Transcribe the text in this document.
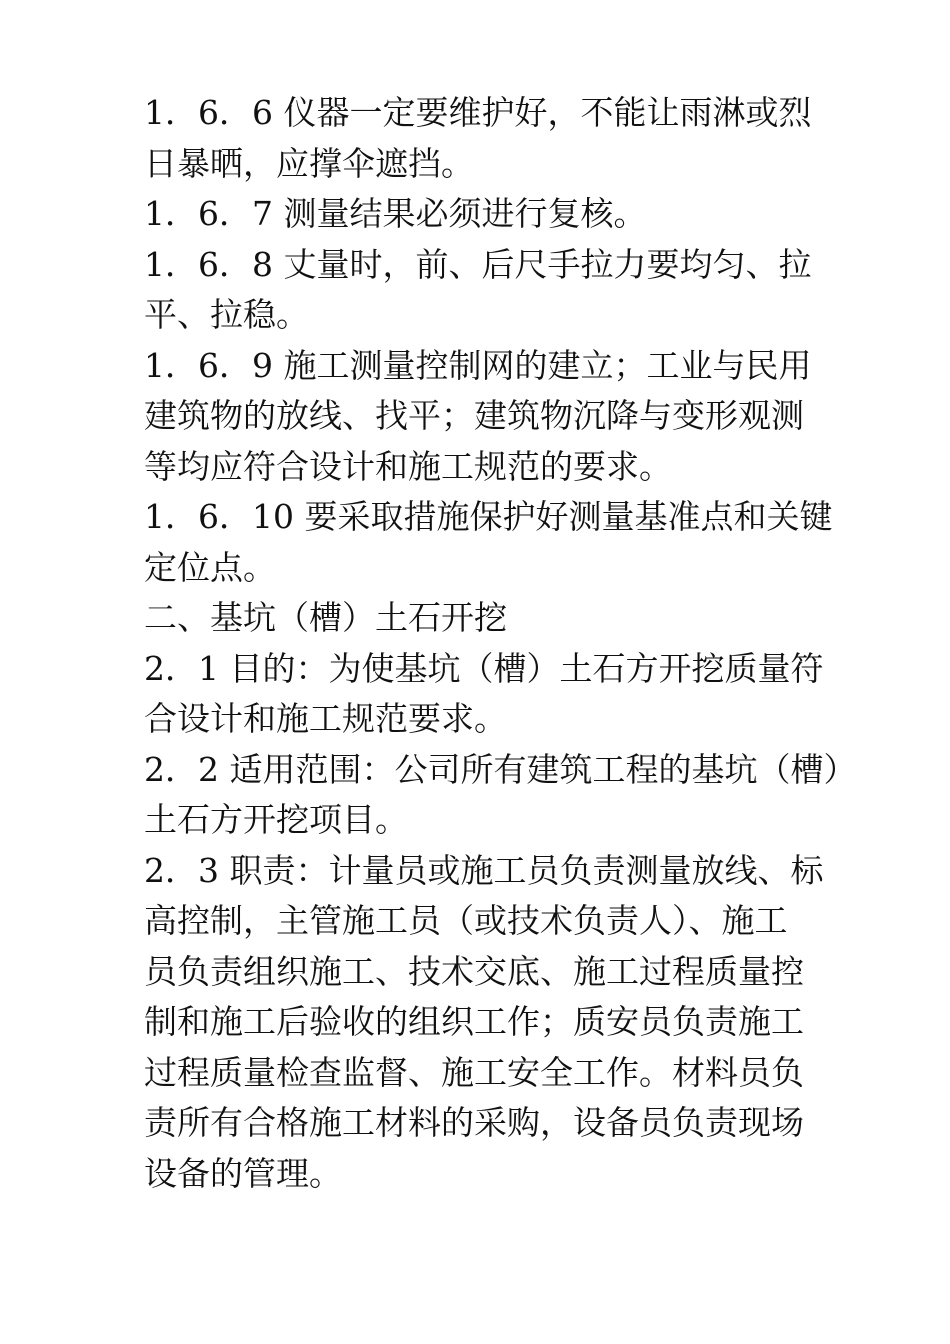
1．6．6 仪器一定要维护好，不能让雨淋或烈
日暴晒，应撑伞遮挡。
1．6．7 测量结果必须进行复核。
1．6．8 丈量时，前、后尺手拉力要均匀、拉
平、拉稳。
1．6．9 施工测量控制网的建立；工业与民用
建筑物的放线、找平；建筑物沉降与变形观测
等均应符合设计和施工规范的要求。
1．6．10 要采取措施保护好测量基准点和关键
定位点。
二、基坑（槽）土石开挖
2．1 目的：为使基坑（槽）土石方开挖质量符
合设计和施工规范要求。
2．2 适用范围：公司所有建筑工程的基坑（槽）
土石方开挖项目。
2．3 职责：计量员或施工员负责测量放线、标
高控制，主管施工员（或技术负责人）、施工
员负责组织施工、技术交底、施工过程质量控
制和施工后验收的组织工作；质安员负责施工
过程质量检查监督、施工安全工作。材料员负
责所有合格施工材料的采购，设备员负责现场
设备的管理。
